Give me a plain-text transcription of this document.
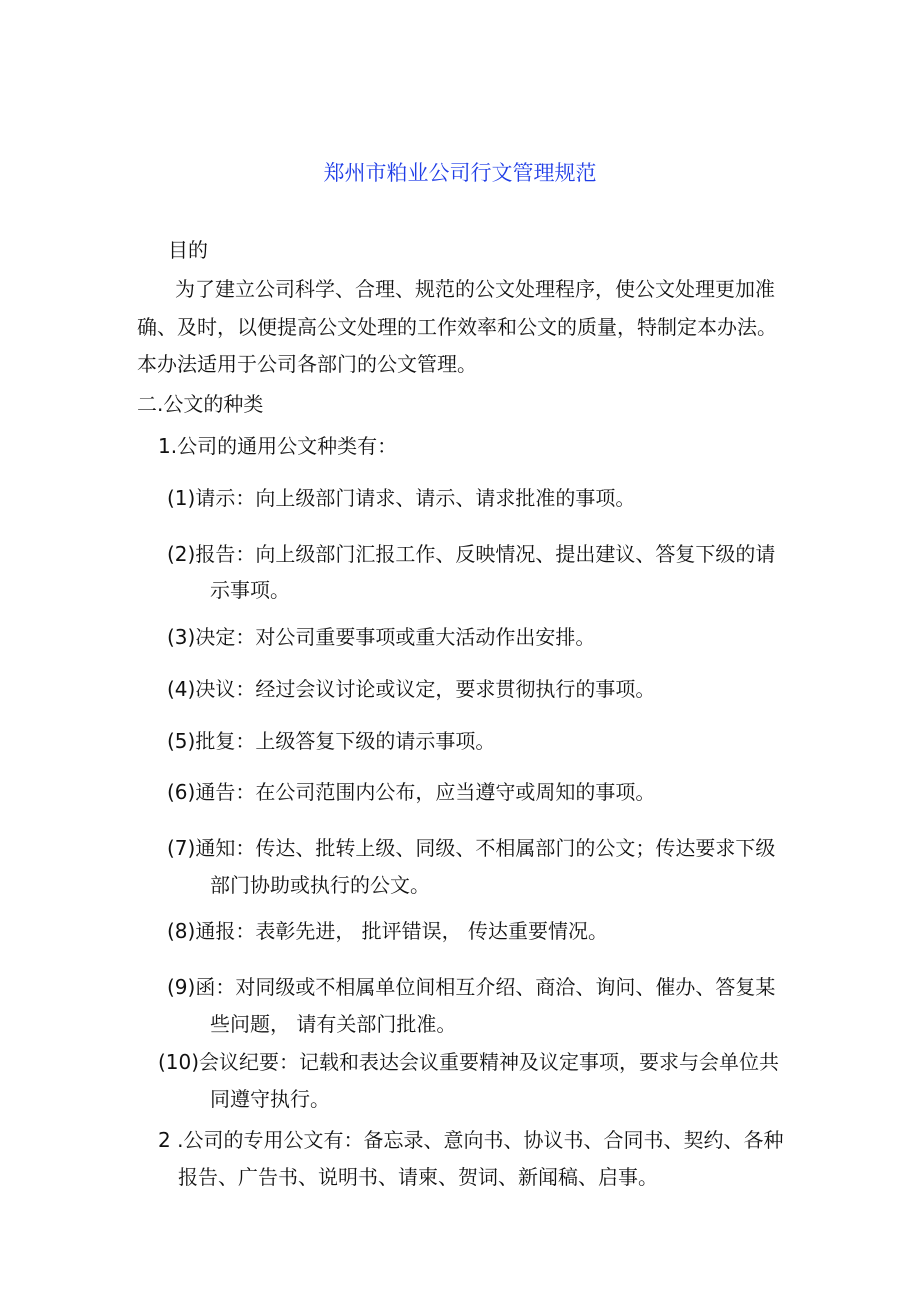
郑州市粕业公司行文管理规范

目的

为了建立公司科学、合理、规范的公文处理程序，使公文处理更加准

确、及时，以便提高公文处理的工作效率和公文的质量，特制定本办法。

本办法适用于公司各部门的公文管理。

二.公文的种类

1.公司的通用公文种类有：

(1)请示：向上级部门请求、请示、请求批准的事项。

(2)报告：向上级部门汇报工作、反映情况、提出建议、答复下级的请

示事项。

(3)决定：对公司重要事项或重大活动作出安排。

(4)决议：经过会议讨论或议定，要求贯彻执行的事项。

(5)批复：上级答复下级的请示事项。

(6)通告：在公司范围内公布，应当遵守或周知的事项。

(7)通知：传达、批转上级、同级、不相属部门的公文；传达要求下级

部门协助或执行的公文。

(8)通报：表彰先进， 批评错误， 传达重要情况。

(9)函：对同级或不相属单位间相互介绍、商洽、询问、催办、答复某

些问题， 请有关部门批准。

(10)会议纪要：记载和表达会议重要精神及议定事项，要求与会单位共

同遵守执行。

2 .公司的专用公文有：备忘录、意向书、协议书、合同书、契约、各种

报告、广告书、说明书、请柬、贺词、新闻稿、启事。
